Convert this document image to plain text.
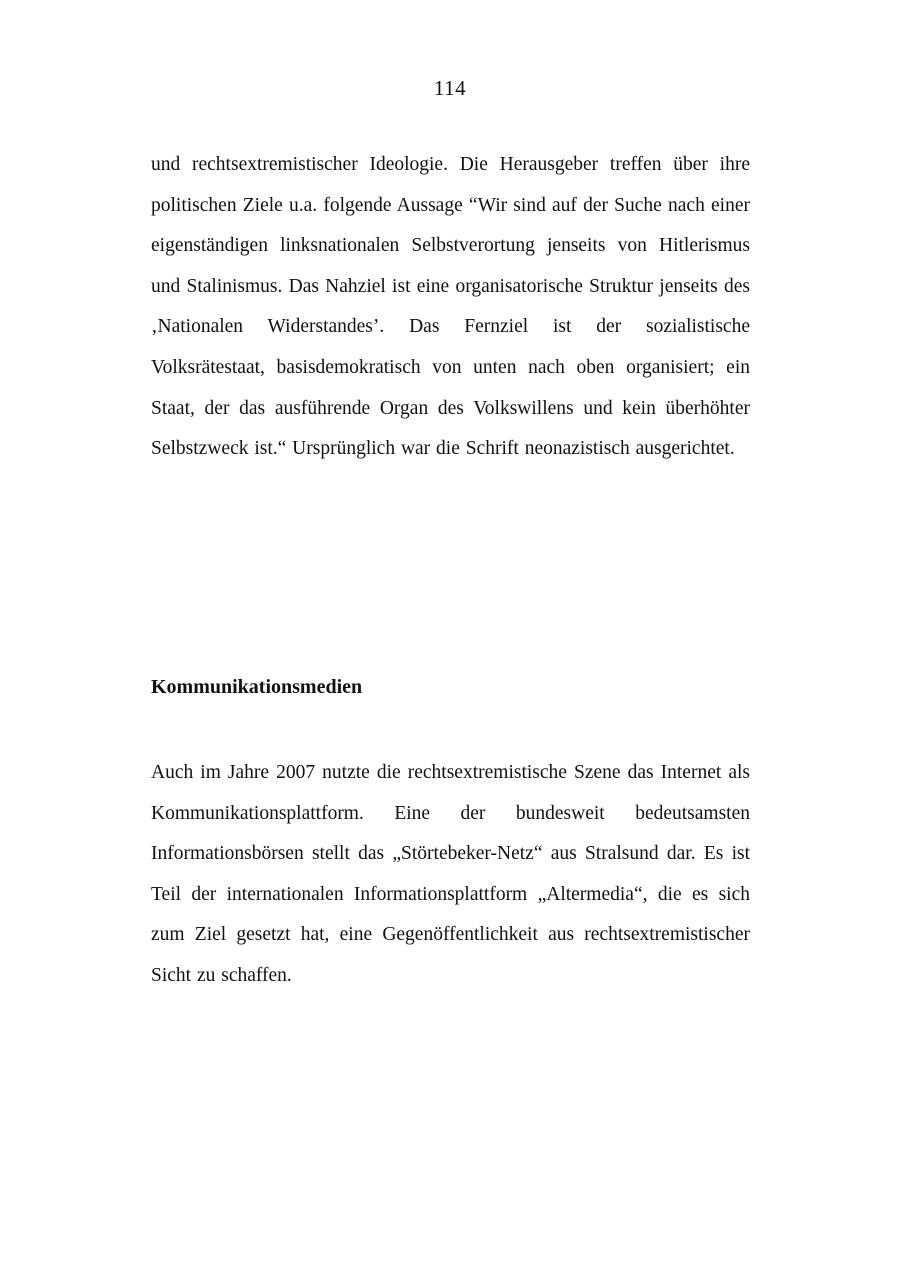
114

und rechtsextremistischer Ideologie. Die Herausgeber treffen über ihre politischen Ziele u.a. folgende Aussage “Wir sind auf der Suche nach einer eigenständigen linksnationalen Selbstverortung jenseits von Hitlerismus und Stalinismus. Das Nahziel ist eine organisatorische Struktur jenseits des ‚Nationalen Widerstandes’. Das Fernziel ist der sozialistische Volksrätestaat, basisdemokratisch von unten nach oben organisiert; ein Staat, der das ausführende Organ des Volkswillens und kein überhöhter Selbstzweck ist.“ Ursprünglich war die Schrift neonazistisch ausgerichtet.

Kommunikationsmedien

Auch im Jahre 2007 nutzte die rechtsextremistische Szene das Internet als Kommunikationsplattform. Eine der bundesweit bedeutsamsten Informationsbörsen stellt das „Störtebeker-Netz“ aus Stralsund dar. Es ist Teil der internationalen Informationsplattform „Altermedia“, die es sich zum Ziel gesetzt hat, eine Gegenöffentlichkeit aus rechtsextremistischer Sicht zu schaffen.
